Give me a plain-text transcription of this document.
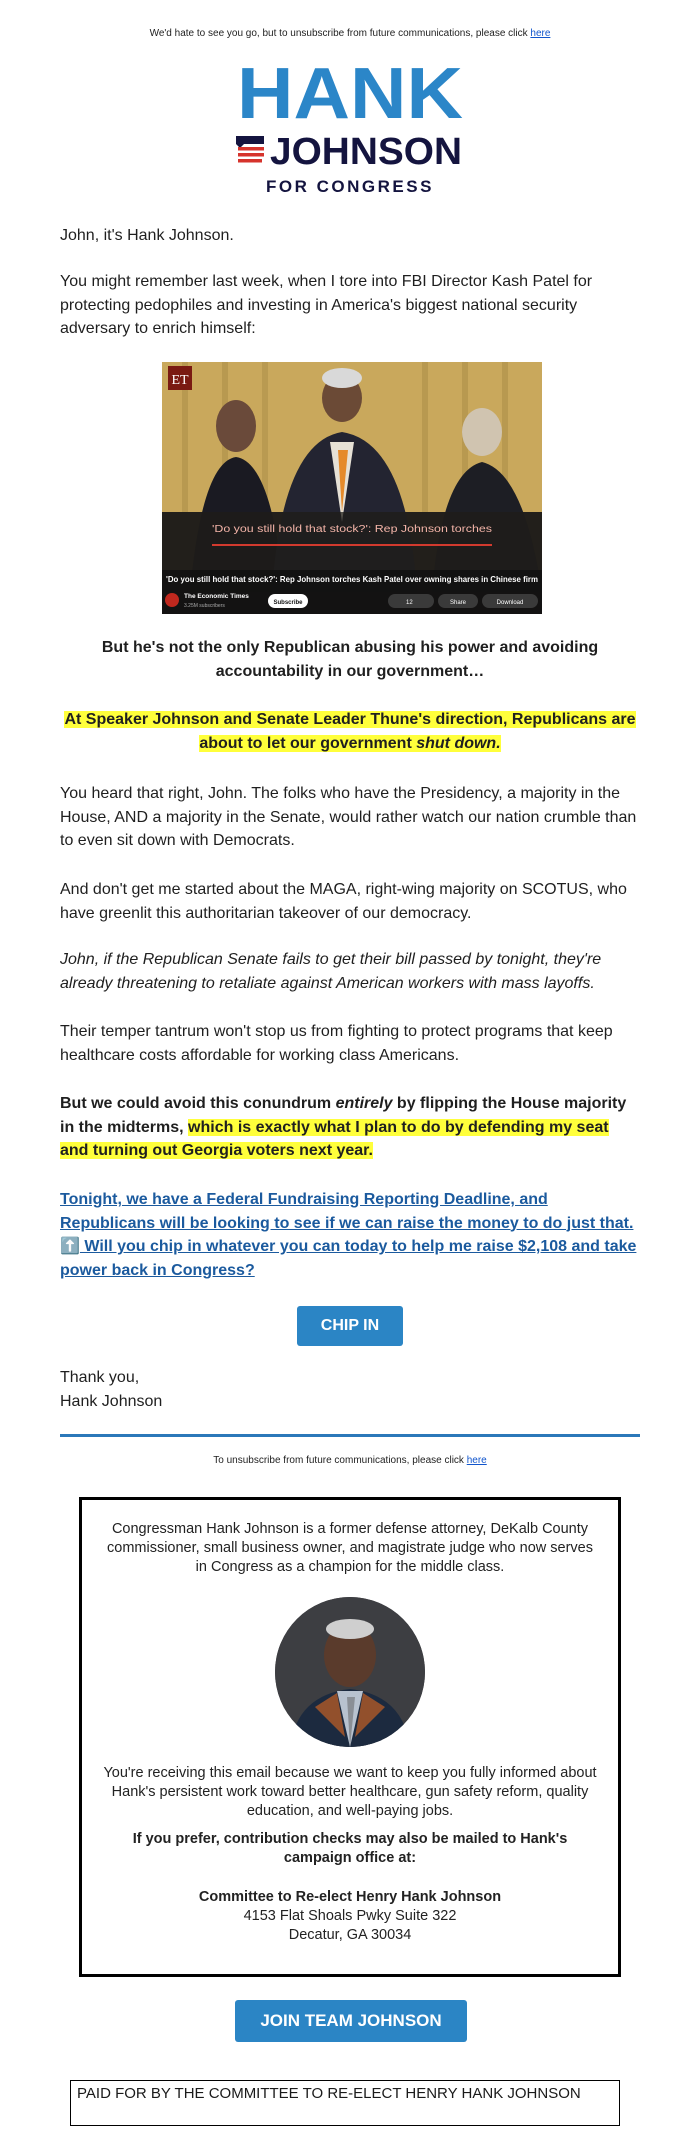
We'd hate to see you go, but to unsubscribe from future communications, please click here
HANK
JOHNSON
FOR CONGRESS

John, it's Hank Johnson.

You might remember last week, when I tore into FBI Director Kash Patel for protecting pedophiles and investing in America's biggest national security adversary to enrich himself:

ET
'Do you still hold that stock?': Rep Johnson torches
'Do you still hold that stock?': Rep Johnson torches Kash Patel over owning shares in Chinese firm
The Economic Times
3.25M subscribers	Subscribe	12	Share	Download
But he's not the only Republican abusing his power and avoiding accountability in our government…
At Speaker Johnson and Senate Leader Thune's direction, Republicans are about to let our government shut down.

You heard that right, John. The folks who have the Presidency, a majority in the House, AND a majority in the Senate, would rather watch our nation crumble than to even sit down with Democrats.

And don't get me started about the MAGA, right-wing majority on SCOTUS, who have greenlit this authoritarian takeover of our democracy.

John, if the Republican Senate fails to get their bill passed by tonight, they're already threatening to retaliate against American workers with mass layoffs.

Their temper tantrum won't stop us from fighting to protect programs that keep healthcare costs affordable for working class Americans.

But we could avoid this conundrum entirely by flipping the House majority in the midterms, which is exactly what I plan to do by defending my seat and turning out Georgia voters next year.

Tonight, we have a Federal Fundraising Reporting Deadline, and Republicans will be looking to see if we can raise the money to do just that.

⬆️ Will you chip in whatever you can today to help me raise $2,108 and take power back in Congress?

CHIP IN

Thank you,

Hank Johnson

To unsubscribe from future communications, please click here

Congressman Hank Johnson is a former defense attorney, DeKalb County commissioner, small business owner, and magistrate judge who now serves in Congress as a champion for the middle class.

You're receiving this email because we want to keep you fully informed about Hank's persistent work toward better healthcare, gun safety reform, quality education, and well-paying jobs.

If you prefer, contribution checks may also be mailed to Hank's campaign office at:

Committee to Re-elect Henry Hank Johnson

4153 Flat Shoals Pwky Suite 322

Decatur, GA 30034

JOIN TEAM JOHNSON
PAID FOR BY THE COMMITTEE TO RE-ELECT HENRY HANK JOHNSON
